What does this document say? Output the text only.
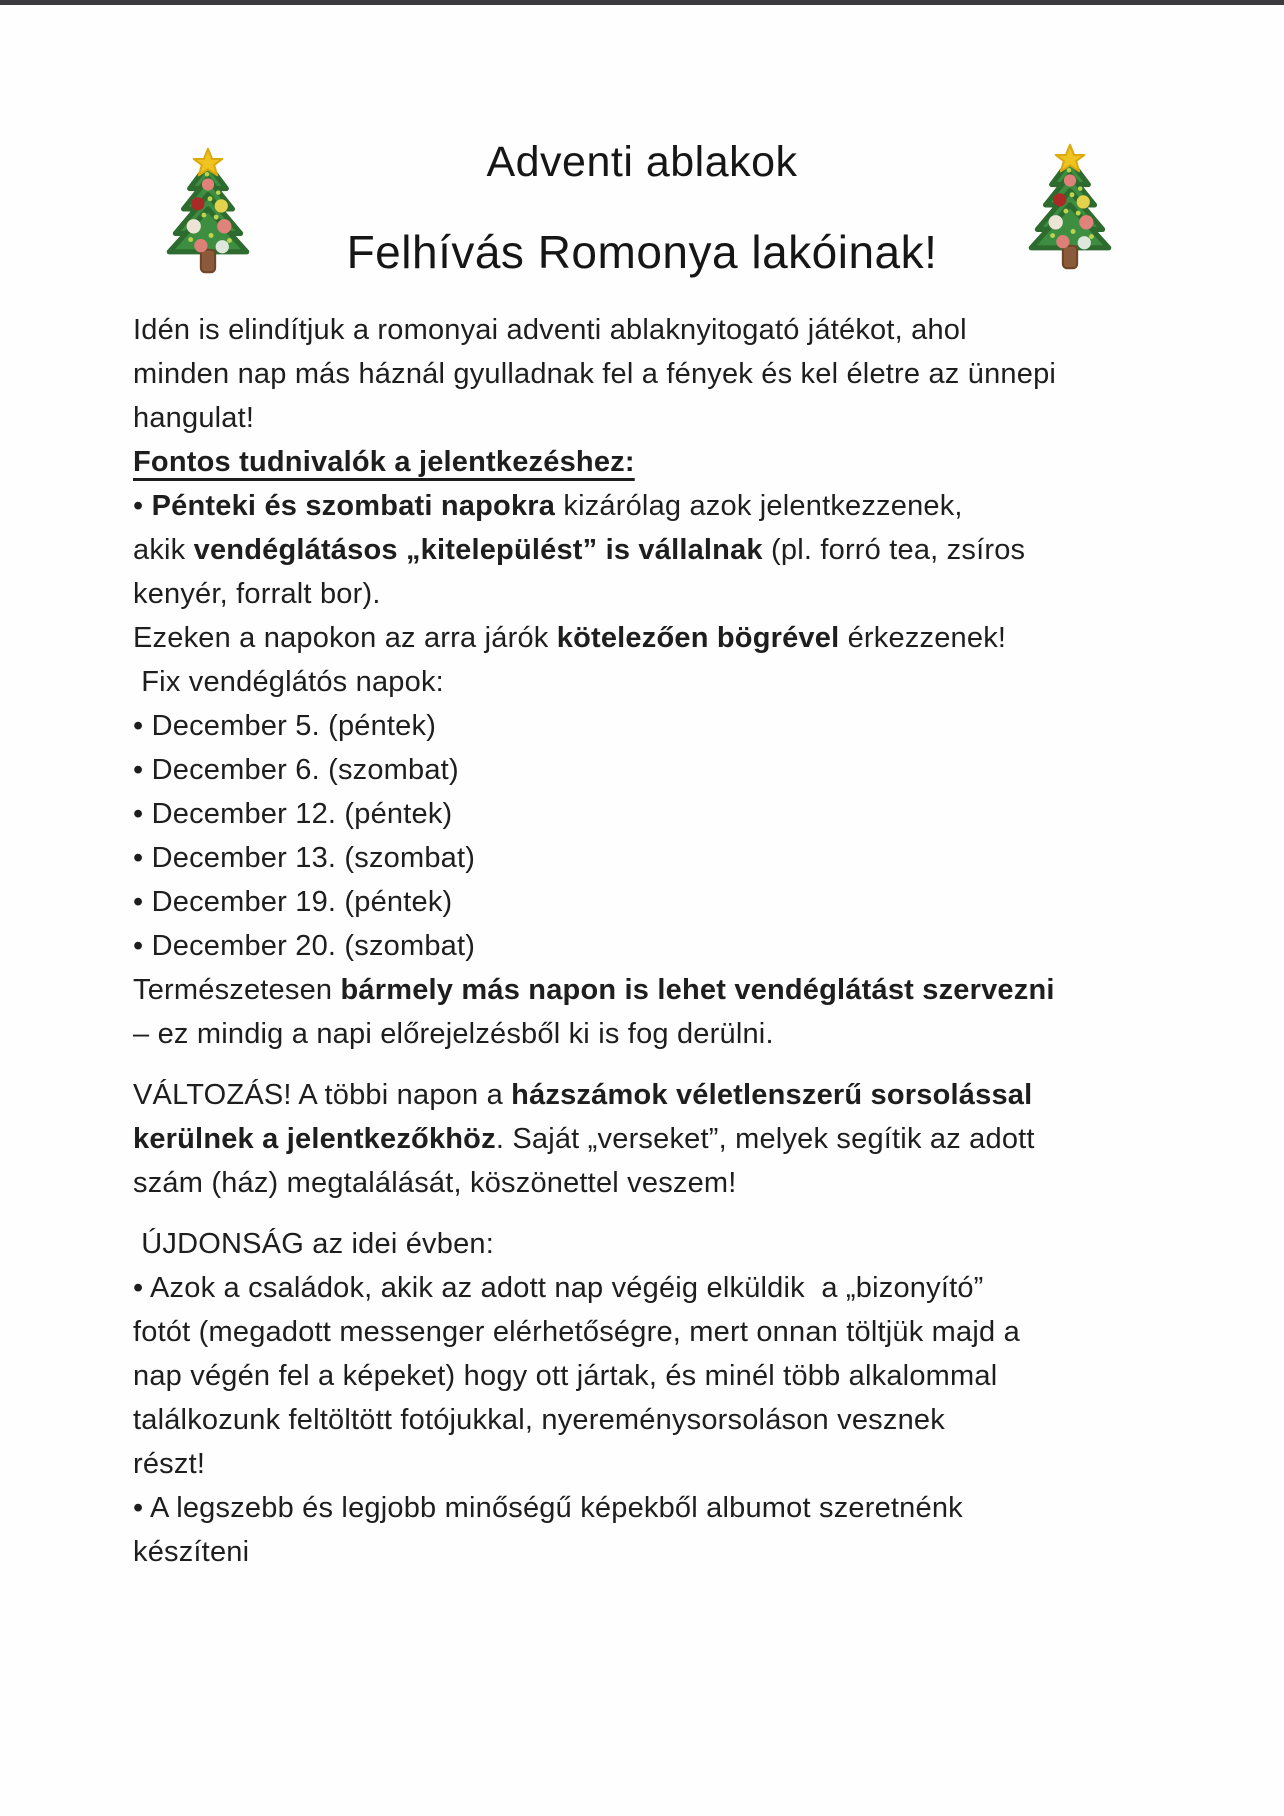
Adventi ablakok
Felhívás Romonya lakóinak!
Idén is elindítjuk a romonyai adventi ablaknyitogató játékot, ahol
minden nap más háznál gyulladnak fel a fények és kel életre az ünnepi
hangulat!
Fontos tudnivalók a jelentkezéshez:
• Pénteki és szombati napokra kizárólag azok jelentkezzenek,
akik vendéglátásos „kitelepülést” is vállalnak (pl. forró tea, zsíros
kenyér, forralt bor).
Ezeken a napokon az arra járók kötelezően bögrével érkezzenek!
Fix vendéglátós napok:
• December 5. (péntek)
• December 6. (szombat)
• December 12. (péntek)
• December 13. (szombat)
• December 19. (péntek)
• December 20. (szombat)
Természetesen bármely más napon is lehet vendéglátást szervezni
– ez mindig a napi előrejelzésből ki is fog derülni.
VÁLTOZÁS! A többi napon a házszámok véletlenszerű sorsolással
kerülnek a jelentkezőkhöz. Saját „verseket”, melyek segítik az adott
szám (ház) megtalálását, köszönettel veszem!
ÚJDONSÁG az idei évben:
• Azok a családok, akik az adott nap végéig elküldik  a „bizonyító”
fotót (megadott messenger elérhetőségre, mert onnan töltjük majd a
nap végén fel a képeket) hogy ott jártak, és minél több alkalommal
találkozunk feltöltött fotójukkal, nyereménysorsoláson vesznek
részt!
• A legszebb és legjobb minőségű képekből albumot szeretnénk
készíteni
